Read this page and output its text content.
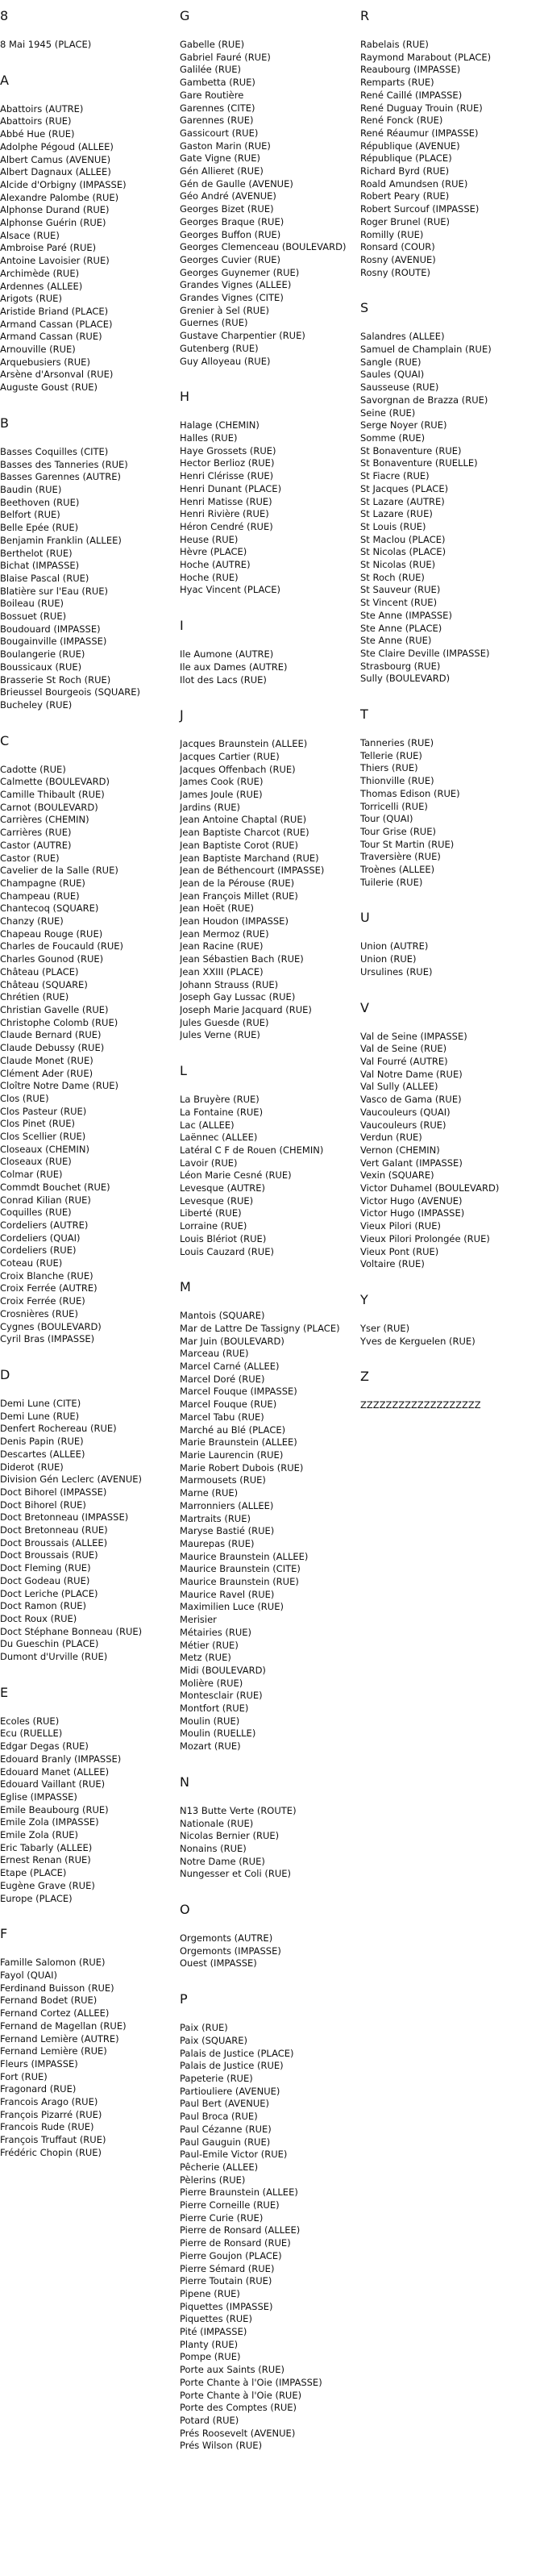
8
8 Mai 1945 (PLACE)
A
Abattoirs (AUTRE)
Abattoirs (RUE)
Abbé Hue (RUE)
Adolphe Pégoud (ALLEE)
Albert Camus (AVENUE)
Albert Dagnaux (ALLEE)
Alcide d'Orbigny (IMPASSE)
Alexandre Palombe (RUE)
Alphonse Durand (RUE)
Alphonse Guérin (RUE)
Alsace (RUE)
Ambroise Paré (RUE)
Antoine Lavoisier (RUE)
Archimède (RUE)
Ardennes (ALLEE)
Arigots (RUE)
Aristide Briand (PLACE)
Armand Cassan (PLACE)
Armand Cassan (RUE)
Arnouville (RUE)
Arquebusiers (RUE)
Arsène d'Arsonval (RUE)
Auguste Goust (RUE)
B
Basses Coquilles (CITE)
Basses des Tanneries (RUE)
Basses Garennes (AUTRE)
Baudin (RUE)
Beethoven (RUE)
Belfort (RUE)
Belle Epée (RUE)
Benjamin Franklin (ALLEE)
Berthelot (RUE)
Bichat (IMPASSE)
Blaise Pascal (RUE)
Blatière sur l'Eau (RUE)
Boileau (RUE)
Bossuet (RUE)
Boudouard (IMPASSE)
Bougainville (IMPASSE)
Boulangerie (RUE)
Boussicaux (RUE)
Brasserie St Roch (RUE)
Brieussel Bourgeois (SQUARE)
Bucheley (RUE)
C
Cadotte (RUE)
Calmette (BOULEVARD)
Camille Thibault (RUE)
Carnot (BOULEVARD)
Carrières (CHEMIN)
Carrières (RUE)
Castor (AUTRE)
Castor (RUE)
Cavelier de la Salle (RUE)
Champagne (RUE)
Champeau (RUE)
Chantecoq (SQUARE)
Chanzy (RUE)
Chapeau Rouge (RUE)
Charles de Foucauld (RUE)
Charles Gounod (RUE)
Château (PLACE)
Château (SQUARE)
Chrétien (RUE)
Christian Gavelle (RUE)
Christophe Colomb (RUE)
Claude Bernard (RUE)
Claude Debussy (RUE)
Claude Monet (RUE)
Clément Ader (RUE)
Cloître Notre Dame (RUE)
Clos (RUE)
Clos Pasteur (RUE)
Clos Pinet (RUE)
Clos Scellier (RUE)
Closeaux (CHEMIN)
Closeaux (RUE)
Colmar (RUE)
Commdt Bouchet (RUE)
Conrad Kilian (RUE)
Coquilles (RUE)
Cordeliers (AUTRE)
Cordeliers (QUAI)
Cordeliers (RUE)
Coteau (RUE)
Croix Blanche (RUE)
Croix Ferrée (AUTRE)
Croix Ferrée (RUE)
Crosnières (RUE)
Cygnes (BOULEVARD)
Cyril Bras (IMPASSE)
D
Demi Lune (CITE)
Demi Lune (RUE)
Denfert Rochereau (RUE)
Denis Papin (RUE)
Descartes (ALLEE)
Diderot (RUE)
Division Gén Leclerc (AVENUE)
Doct Bihorel (IMPASSE)
Doct Bihorel (RUE)
Doct Bretonneau (IMPASSE)
Doct Bretonneau (RUE)
Doct Broussais (ALLEE)
Doct Broussais (RUE)
Doct Fleming (RUE)
Doct Godeau (RUE)
Doct Leriche (PLACE)
Doct Ramon (RUE)
Doct Roux (RUE)
Doct Stéphane Bonneau (RUE)
Du Gueschin (PLACE)
Dumont d'Urville (RUE)
E
Ecoles (RUE)
Ecu (RUELLE)
Edgar Degas (RUE)
Edouard Branly (IMPASSE)
Edouard Manet (ALLEE)
Edouard Vaillant (RUE)
Eglise (IMPASSE)
Emile Beaubourg (RUE)
Emile Zola (IMPASSE)
Emile Zola (RUE)
Eric Tabarly (ALLEE)
Ernest Renan (RUE)
Etape (PLACE)
Eugène Grave (RUE)
Europe (PLACE)
F
Famille Salomon (RUE)
Fayol (QUAI)
Ferdinand Buisson (RUE)
Fernand Bodet (RUE)
Fernand Cortez (ALLEE)
Fernand de Magellan (RUE)
Fernand Lemière (AUTRE)
Fernand Lemière (RUE)
Fleurs (IMPASSE)
Fort (RUE)
Fragonard (RUE)
Francois Arago (RUE)
François Pizarré (RUE)
Francois Rude (RUE)
François Truffaut (RUE)
Frédéric Chopin (RUE)
G
Gabelle (RUE)
Gabriel Fauré (RUE)
Galilée (RUE)
Gambetta (RUE)
Gare Routière
Garennes (CITE)
Garennes (RUE)
Gassicourt (RUE)
Gaston Marin (RUE)
Gate Vigne (RUE)
Gén Allieret (RUE)
Gén de Gaulle (AVENUE)
Géo André (AVENUE)
Georges Bizet (RUE)
Georges Braque (RUE)
Georges Buffon (RUE)
Georges Clemenceau (BOULEVARD)
Georges Cuvier (RUE)
Georges Guynemer (RUE)
Grandes Vignes (ALLEE)
Grandes Vignes (CITE)
Grenier à Sel (RUE)
Guernes (RUE)
Gustave Charpentier (RUE)
Gutenberg (RUE)
Guy Alloyeau (RUE)
H
Halage (CHEMIN)
Halles (RUE)
Haye Grossets (RUE)
Hector Berlioz (RUE)
Henri Clérisse (RUE)
Henri Dunant (PLACE)
Henri Matisse (RUE)
Henri Rivière (RUE)
Héron Cendré (RUE)
Heuse (RUE)
Hèvre (PLACE)
Hoche (AUTRE)
Hoche (RUE)
Hyac Vincent (PLACE)
I
Ile Aumone (AUTRE)
Ile aux Dames (AUTRE)
Ilot des Lacs (RUE)
J
Jacques Braunstein (ALLEE)
Jacques Cartier (RUE)
Jacques Offenbach (RUE)
James Cook (RUE)
James Joule (RUE)
Jardins (RUE)
Jean Antoine Chaptal (RUE)
Jean Baptiste Charcot (RUE)
Jean Baptiste Corot (RUE)
Jean Baptiste Marchand (RUE)
Jean de Béthencourt (IMPASSE)
Jean de la Pérouse (RUE)
Jean François Millet (RUE)
Jean Hoët (RUE)
Jean Houdon (IMPASSE)
Jean Mermoz (RUE)
Jean Racine (RUE)
Jean Sébastien Bach (RUE)
Jean XXIII (PLACE)
Johann Strauss (RUE)
Joseph Gay Lussac (RUE)
Joseph Marie Jacquard (RUE)
Jules Guesde (RUE)
Jules Verne (RUE)
L
La Bruyère (RUE)
La Fontaine (RUE)
Lac (ALLEE)
Laënnec (ALLEE)
Latéral C F de Rouen (CHEMIN)
Lavoir (RUE)
Léon Marie Cesné (RUE)
Levesque (AUTRE)
Levesque (RUE)
Liberté (RUE)
Lorraine (RUE)
Louis Blériot (RUE)
Louis Cauzard (RUE)
M
Mantois (SQUARE)
Mar de Lattre De Tassigny (PLACE)
Mar Juin (BOULEVARD)
Marceau (RUE)
Marcel Carné (ALLEE)
Marcel Doré (RUE)
Marcel Fouque (IMPASSE)
Marcel Fouque (RUE)
Marcel Tabu (RUE)
Marché au Blé (PLACE)
Marie Braunstein (ALLEE)
Marie Laurencin (RUE)
Marie Robert Dubois (RUE)
Marmousets (RUE)
Marne (RUE)
Marronniers (ALLEE)
Martraits (RUE)
Maryse Bastié (RUE)
Maurepas (RUE)
Maurice Braunstein (ALLEE)
Maurice Braunstein (CITE)
Maurice Braunstein (RUE)
Maurice Ravel (RUE)
Maximilien Luce (RUE)
Merisier
Métairies (RUE)
Métier (RUE)
Metz (RUE)
Midi (BOULEVARD)
Molière (RUE)
Montesclair (RUE)
Montfort (RUE)
Moulin (RUE)
Moulin (RUELLE)
Mozart (RUE)
N
N13 Butte Verte (ROUTE)
Nationale (RUE)
Nicolas Bernier (RUE)
Nonains (RUE)
Notre Dame (RUE)
Nungesser et Coli (RUE)
O
Orgemonts (AUTRE)
Orgemonts (IMPASSE)
Ouest (IMPASSE)
P
Paix (RUE)
Paix (SQUARE)
Palais de Justice (PLACE)
Palais de Justice (RUE)
Papeterie (RUE)
Partiouliere (AVENUE)
Paul Bert (AVENUE)
Paul Broca (RUE)
Paul Cézanne (RUE)
Paul Gauguin (RUE)
Paul-Emile Victor (RUE)
Pêcherie (ALLEE)
Pèlerins (RUE)
Pierre Braunstein (ALLEE)
Pierre Corneille (RUE)
Pierre Curie (RUE)
Pierre de Ronsard (ALLEE)
Pierre de Ronsard (RUE)
Pierre Goujon (PLACE)
Pierre Sémard (RUE)
Pierre Toutain (RUE)
Pipene (RUE)
Piquettes (IMPASSE)
Piquettes (RUE)
Pité (IMPASSE)
Planty (RUE)
Pompe (RUE)
Porte aux Saints (RUE)
Porte Chante à l'Oie (IMPASSE)
Porte Chante à l'Oie (RUE)
Porte des Comptes (RUE)
Potard (RUE)
Prés Roosevelt (AVENUE)
Prés Wilson (RUE)
R
Rabelais (RUE)
Raymond Marabout (PLACE)
Reaubourg (IMPASSE)
Remparts (RUE)
René Caillé (IMPASSE)
René Duguay Trouin (RUE)
René Fonck (RUE)
René Réaumur (IMPASSE)
République (AVENUE)
République (PLACE)
Richard Byrd (RUE)
Roald Amundsen (RUE)
Robert Peary (RUE)
Robert Surcouf (IMPASSE)
Roger Brunel (RUE)
Romilly (RUE)
Ronsard (COUR)
Rosny (AVENUE)
Rosny (ROUTE)
S
Salandres (ALLEE)
Samuel de Champlain (RUE)
Sangle (RUE)
Saules (QUAI)
Sausseuse (RUE)
Savorgnan de Brazza (RUE)
Seine (RUE)
Serge Noyer (RUE)
Somme (RUE)
St Bonaventure (RUE)
St Bonaventure (RUELLE)
St Fiacre (RUE)
St Jacques (PLACE)
St Lazare (AUTRE)
St Lazare (RUE)
St Louis (RUE)
St Maclou (PLACE)
St Nicolas (PLACE)
St Nicolas (RUE)
St Roch (RUE)
St Sauveur (RUE)
St Vincent (RUE)
Ste Anne (IMPASSE)
Ste Anne (PLACE)
Ste Anne (RUE)
Ste Claire Deville (IMPASSE)
Strasbourg (RUE)
Sully (BOULEVARD)
T
Tanneries (RUE)
Tellerie (RUE)
Thiers (RUE)
Thionville (RUE)
Thomas Edison (RUE)
Torricelli (RUE)
Tour (QUAI)
Tour Grise (RUE)
Tour St Martin (RUE)
Traversière (RUE)
Troènes (ALLEE)
Tuilerie (RUE)
U
Union (AUTRE)
Union (RUE)
Ursulines (RUE)
V
Val de Seine (IMPASSE)
Val de Seine (RUE)
Val Fourré (AUTRE)
Val Notre Dame (RUE)
Val Sully (ALLEE)
Vasco de Gama (RUE)
Vaucouleurs (QUAI)
Vaucouleurs (RUE)
Verdun (RUE)
Vernon (CHEMIN)
Vert Galant (IMPASSE)
Vexin (SQUARE)
Victor Duhamel (BOULEVARD)
Victor Hugo (AVENUE)
Victor Hugo (IMPASSE)
Vieux Pilori (RUE)
Vieux Pilori Prolongée (RUE)
Vieux Pont (RUE)
Voltaire (RUE)
Y
Yser (RUE)
Yves de Kerguelen (RUE)
Z
ZZZZZZZZZZZZZZZZZZZ
